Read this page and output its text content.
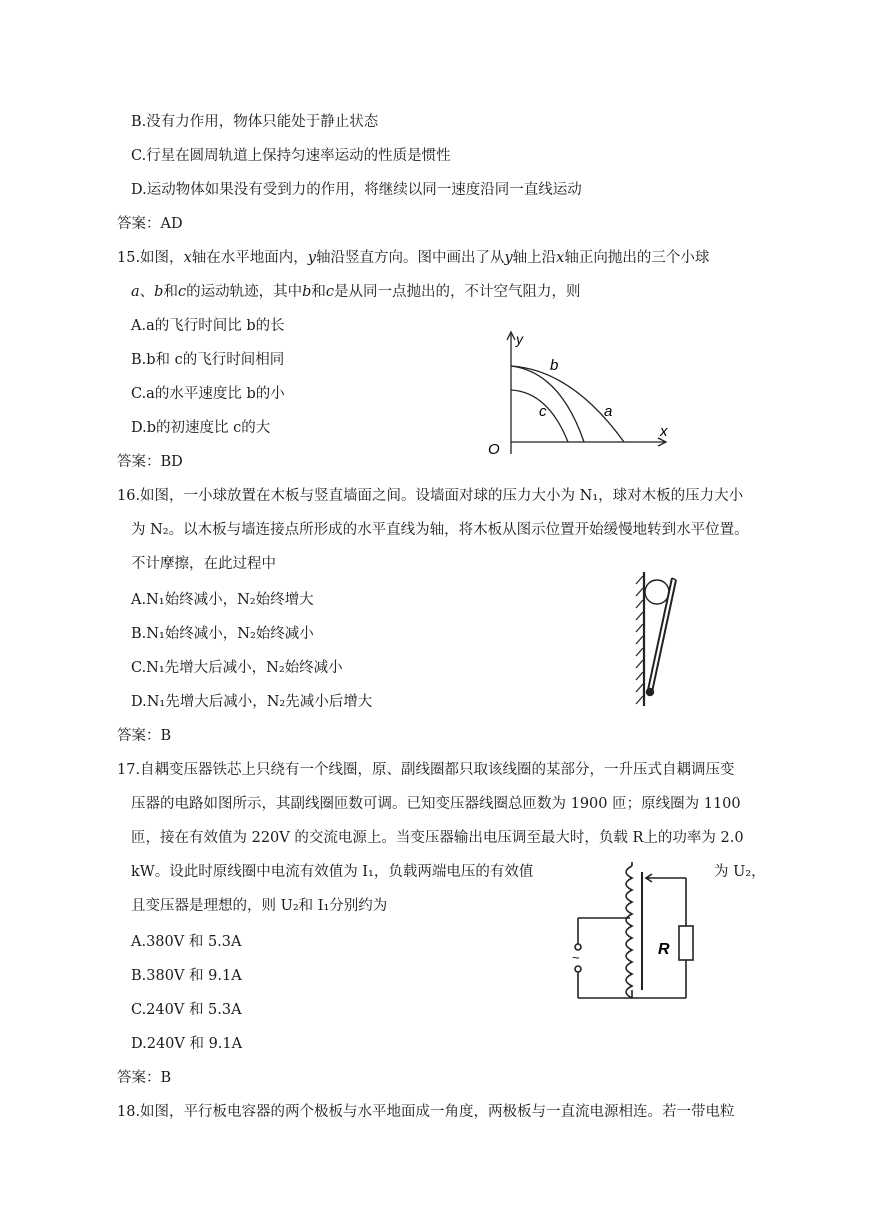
B.没有力作用，物体只能处于静止状态
C.行星在圆周轨道上保持匀速率运动的性质是惯性
D.运动物体如果没有受到力的作用，将继续以同一速度沿同一直线运动
答案：AD
15.如图，x轴在水平地面内，y轴沿竖直方向。图中画出了从y轴上沿x轴正向抛出的三个小球
a、b和c的运动轨迹，其中b和c是从同一点抛出的，不计空气阻力，则
A.a的飞行时间比 b的长
B.b和 c的飞行时间相同
C.a的水平速度比 b的小
D.b的初速度比 c的大
答案：BD
y
x
O
b
c	a
16.如图，一小球放置在木板与竖直墙面之间。设墙面对球的压力大小为 N₁，球对木板的压力大小
为 N₂。以木板与墙连接点所形成的水平直线为轴，将木板从图示位置开始缓慢地转到水平位置。
不计摩擦，在此过程中
A.N₁始终减小，N₂始终增大
B.N₁始终减小，N₂始终减小
C.N₁先增大后减小，N₂始终减小
D.N₁先增大后减小，N₂先减小后增大
答案：B
17.自耦变压器铁芯上只绕有一个线圈，原、副线圈都只取该线圈的某部分，一升压式自耦调压变
压器的电路如图所示，其副线圈匝数可调。已知变压器线圈总匝数为 1900 匝；原线圈为 1100
匝，接在有效值为 220V 的交流电源上。当变压器输出电压调至最大时，负载 R上的功率为 2.0
kW。设此时原线圈中电流有效值为 I₁，负载两端电压的有效值	为 U₂，
且变压器是理想的，则 U₂和 I₁分别约为
A.380V 和 5.3A
B.380V 和 9.1A
C.240V 和 5.3A
D.240V 和 9.1A
答案：B
R
~
18.如图，平行板电容器的两个极板与水平地面成一角度，两极板与一直流电源相连。若一带电粒
